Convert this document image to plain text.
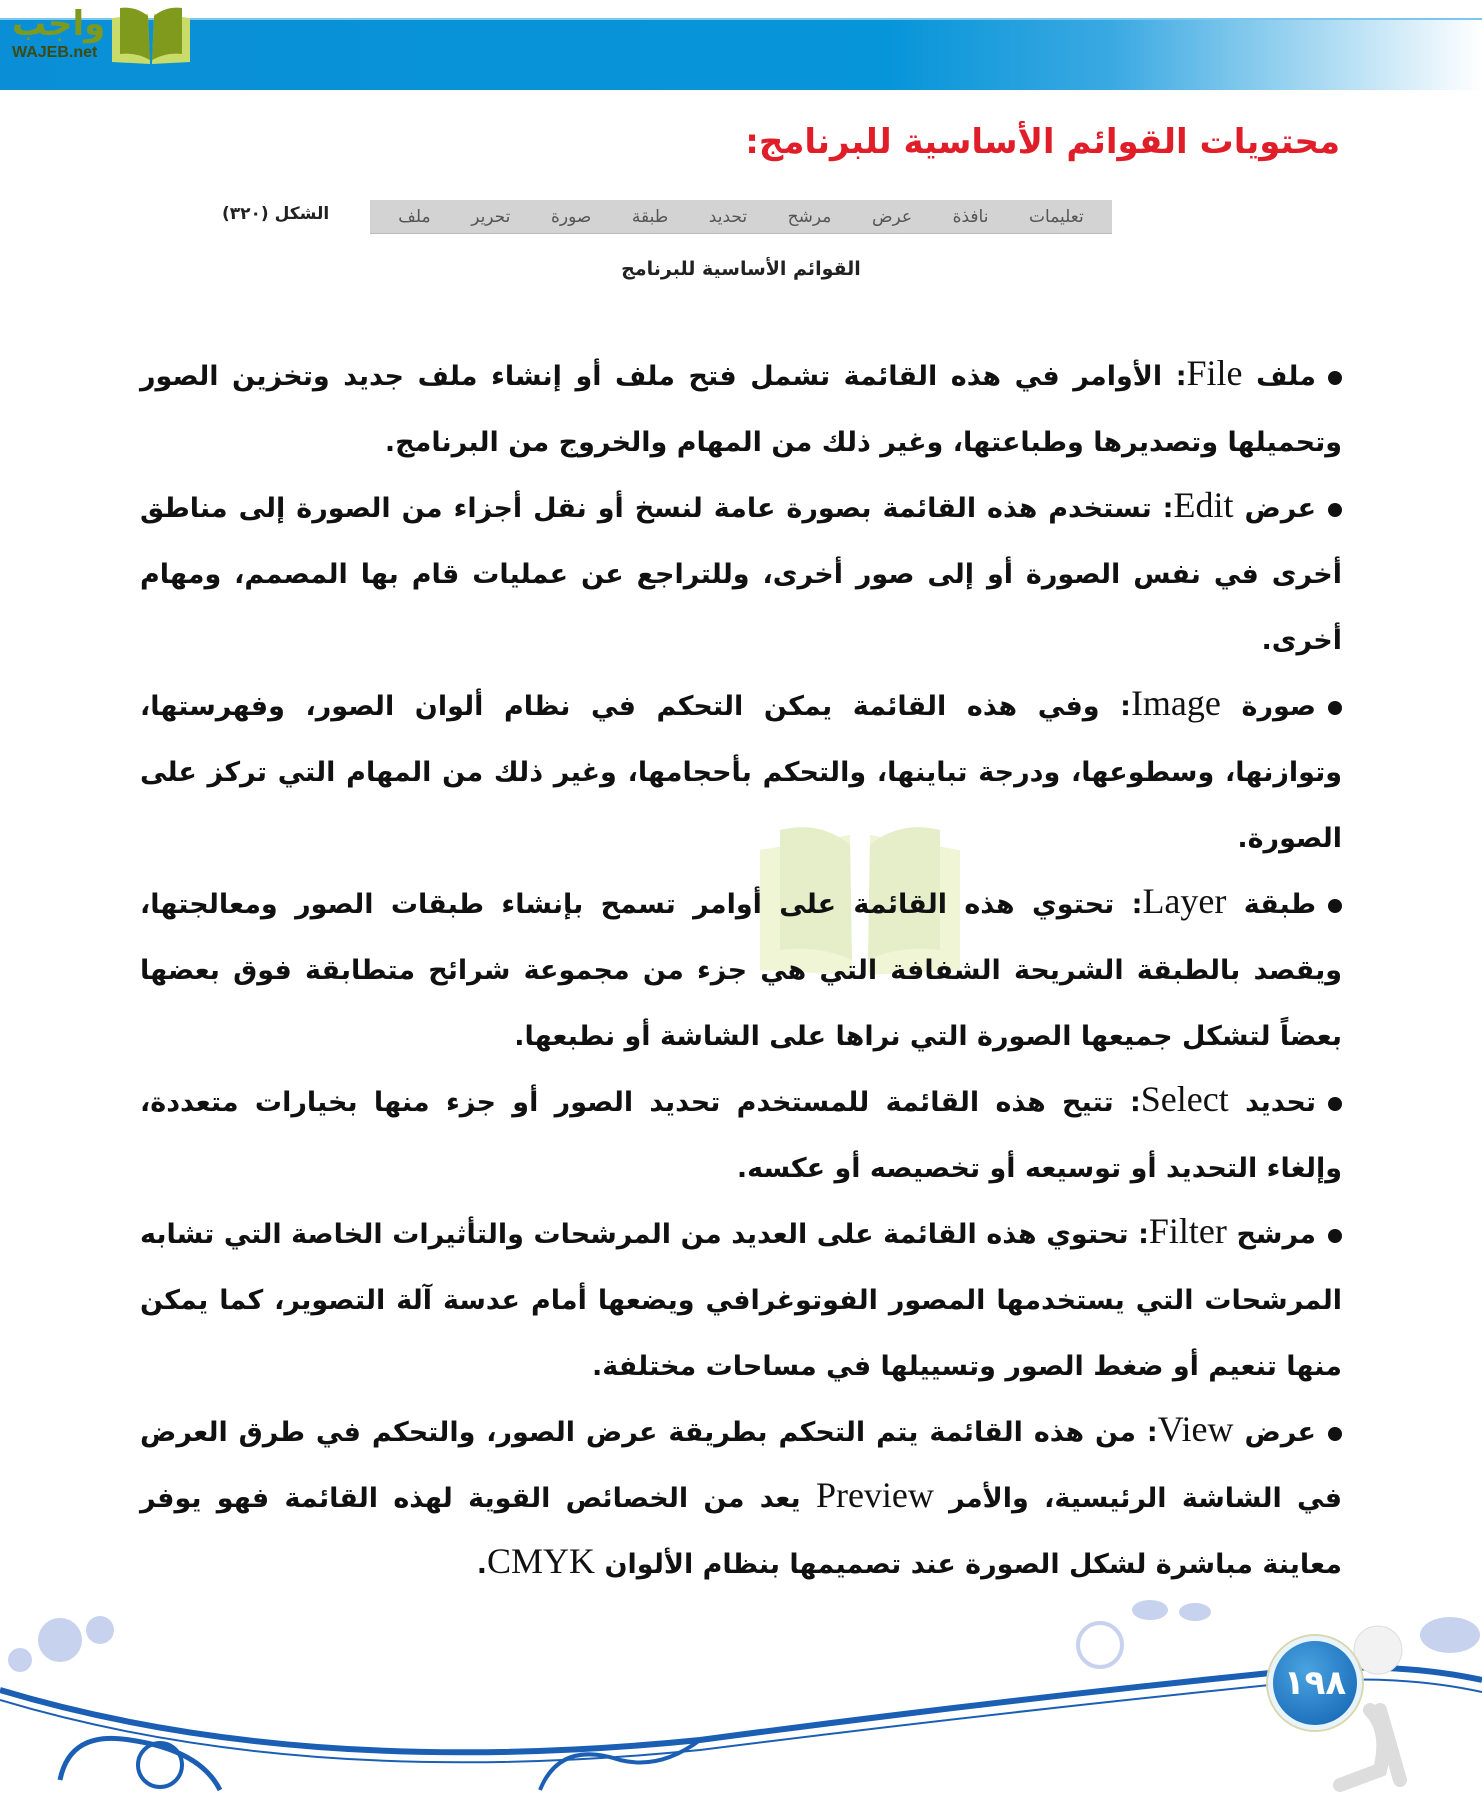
واجب
WAJEB.net
محتويات القوائم الأساسية للبرنامج:
ملف تحرير صورة طبقة تحديد مرشح عرض نافذة تعليمات
الشكل (٣٢٠)
القوائم الأساسية للبرنامج

ملف File: الأوامر في هذه القائمة تشمل فتح ملف أو إنشاء ملف جديد وتخزين الصور وتحميلها وتصديرها وطباعتها، وغير ذلك من المهام والخروج من البرنامج.

عرض Edit: تستخدم هذه القائمة بصورة عامة لنسخ أو نقل أجزاء من الصورة إلى مناطق أخرى في نفس الصورة أو إلى صور أخرى، وللتراجع عن عمليات قام بها المصمم، ومهام أخرى.

صورة Image: وفي هذه القائمة يمكن التحكم في نظام ألوان الصور، وفهرستها، وتوازنها، وسطوعها، ودرجة تباينها، والتحكم بأحجامها، وغير ذلك من المهام التي تركز على الصورة.

طبقة Layer: تحتوي هذه القائمة على أوامر تسمح بإنشاء طبقات الصور ومعالجتها، ويقصد بالطبقة الشريحة الشفافة التي هي جزء من مجموعة شرائح متطابقة فوق بعضها بعضاً لتشكل جميعها الصورة التي نراها على الشاشة أو نطبعها.

تحديد Select: تتيح هذه القائمة للمستخدم تحديد الصور أو جزء منها بخيارات متعددة، وإلغاء التحديد أو توسيعه أو تخصيصه أو عكسه.

مرشح Filter: تحتوي هذه القائمة على العديد من المرشحات والتأثيرات الخاصة التي تشابه المرشحات التي يستخدمها المصور الفوتوغرافي ويضعها أمام عدسة آلة التصوير، كما يمكن منها تنعيم أو ضغط الصور وتسييلها في مساحات مختلفة.

عرض View: من هذه القائمة يتم التحكم بطريقة عرض الصور، والتحكم في طرق العرض في الشاشة الرئيسية، والأمر Preview يعد من الخصائص القوية لهذه القائمة فهو يوفر معاينة مباشرة لشكل الصورة عند تصميمها بنظام الألوان CMYK.

١٩٨
